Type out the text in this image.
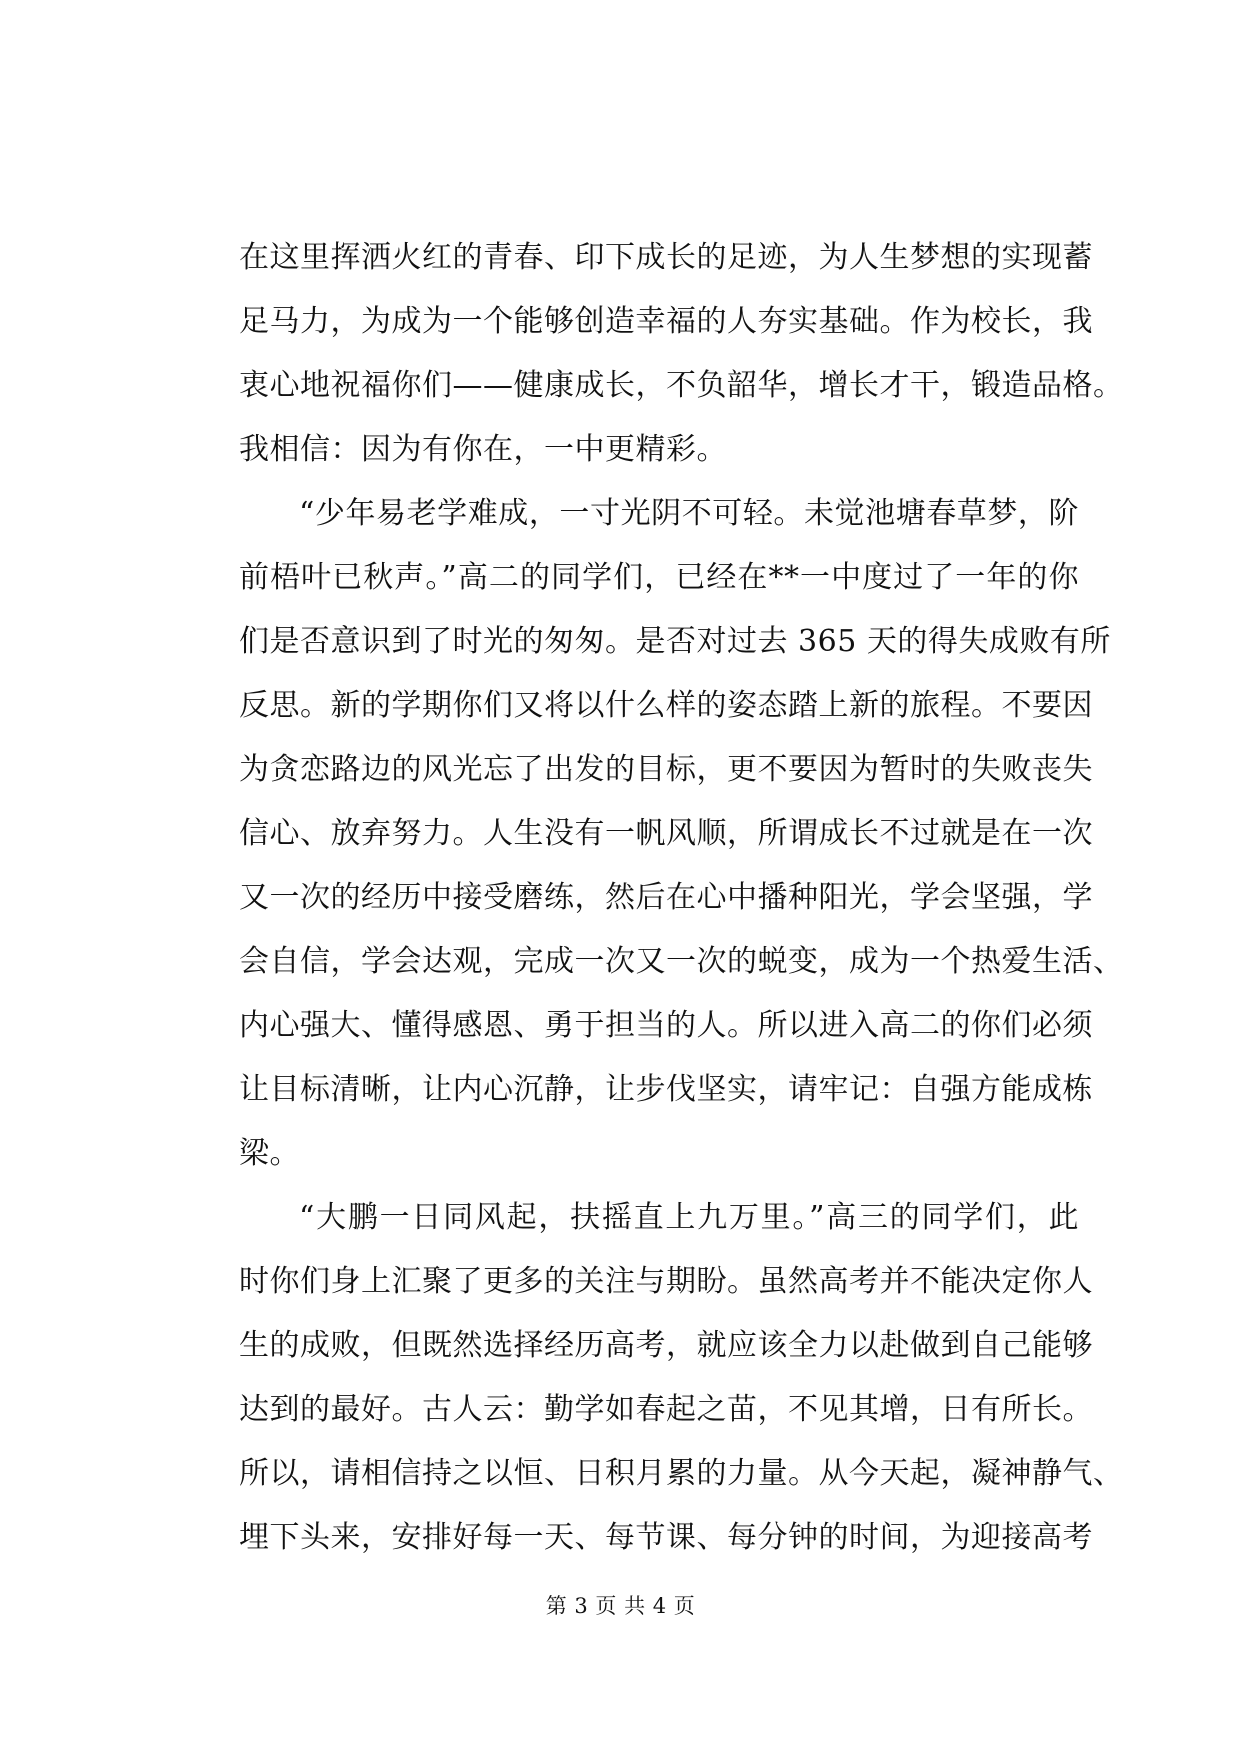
在这里挥洒火红的青春、印下成长的足迹，为人生梦想的实现蓄
足马力，为成为一个能够创造幸福的人夯实基础。作为校长，我
衷心地祝福你们——健康成长，不负韶华，增长才干，锻造品格。
我相信：因为有你在，一中更精彩。
“少年易老学难成，一寸光阴不可轻。未觉池塘春草梦，阶
前梧叶已秋声。”高二的同学们，已经在**一中度过了一年的你
们是否意识到了时光的匆匆。是否对过去 365 天的得失成败有所
反思。新的学期你们又将以什么样的姿态踏上新的旅程。不要因
为贪恋路边的风光忘了出发的目标，更不要因为暂时的失败丧失
信心、放弃努力。人生没有一帆风顺，所谓成长不过就是在一次
又一次的经历中接受磨练，然后在心中播种阳光，学会坚强，学
会自信，学会达观，完成一次又一次的蜕变，成为一个热爱生活、
内心强大、懂得感恩、勇于担当的人。所以进入高二的你们必须
让目标清晰，让内心沉静，让步伐坚实，请牢记：自强方能成栋
梁。
“大鹏一日同风起，扶摇直上九万里。”高三的同学们，此
时你们身上汇聚了更多的关注与期盼。虽然高考并不能决定你人
生的成败，但既然选择经历高考，就应该全力以赴做到自己能够
达到的最好。古人云：勤学如春起之苗，不见其增，日有所长。
所以，请相信持之以恒、日积月累的力量。从今天起，凝神静气、
埋下头来，安排好每一天、每节课、每分钟的时间，为迎接高考
第 3 页 共 4 页
